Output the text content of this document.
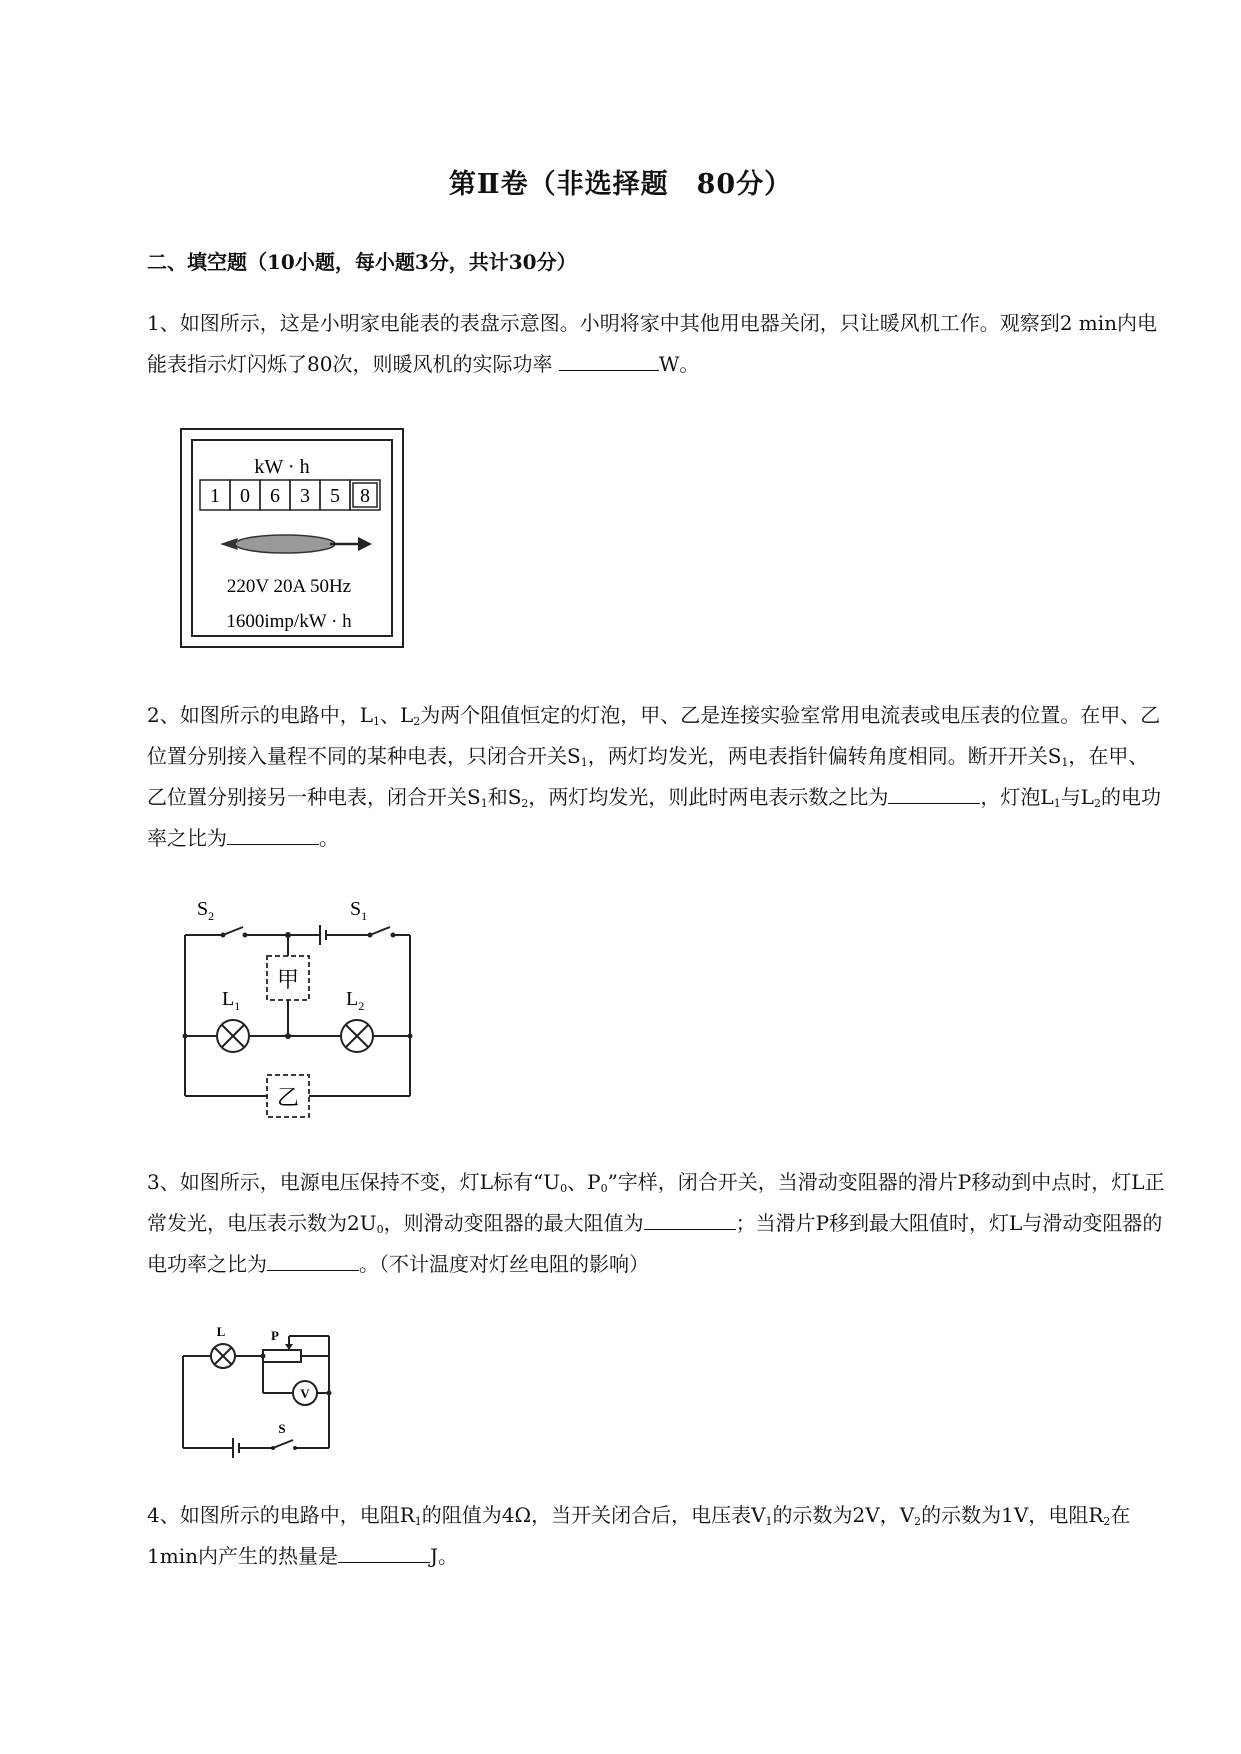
第Ⅱ卷（非选择题　80分）
二、填空题（10小题，每小题3分，共计30分）

1、如图所示，这是小明家电能表的表盘示意图。小明将家中其他用电器关闭，只让暖风机工作。观察到2 min内电能表指示灯闪烁了80次，则暖风机的实际功率	W。

kW · h
1 0 6 3 5 8
220V 20A 50Hz
1600imp/kW · h

2、如图所示的电路中，$L_1$、$L_2$为两个阻值恒定的灯泡，甲、乙是连接实验室常用电流表或电压表的位置。在甲、乙位置分别接入量程不同的某种电表，只闭合开关$S_1$，两灯均发光，两电表指针偏转角度相同。断开开关$S_1$，在甲、乙位置分别接另一种电表，闭合开关$S_1$和$S_2$，两灯均发光，则此时两电表示数之比为	，灯泡$L_1$与$L_2$的电功率之比为	。

甲
乙
$S_2$	$S_1$
$L_1$	$L_2$

3、如图所示，电源电压保持不变，灯L标有“$U_0$、$P_0$”字样，闭合开关，当滑动变阻器的滑片P移动到中点时，灯L正常发光，电压表示数为$2U_0$，则滑动变阻器的最大阻值为	；当滑片P移到最大阻值时，灯L与滑动变阻器的电功率之比为	。（不计温度对灯丝电阻的影响）

L	P
V
S

4、如图所示的电路中，电阻$R_1$的阻值为4Ω，当开关闭合后，电压表$V_1$的示数为2V，$V_2$的示数为1V，电阻$R_2$在1min内产生的热量是	J。
